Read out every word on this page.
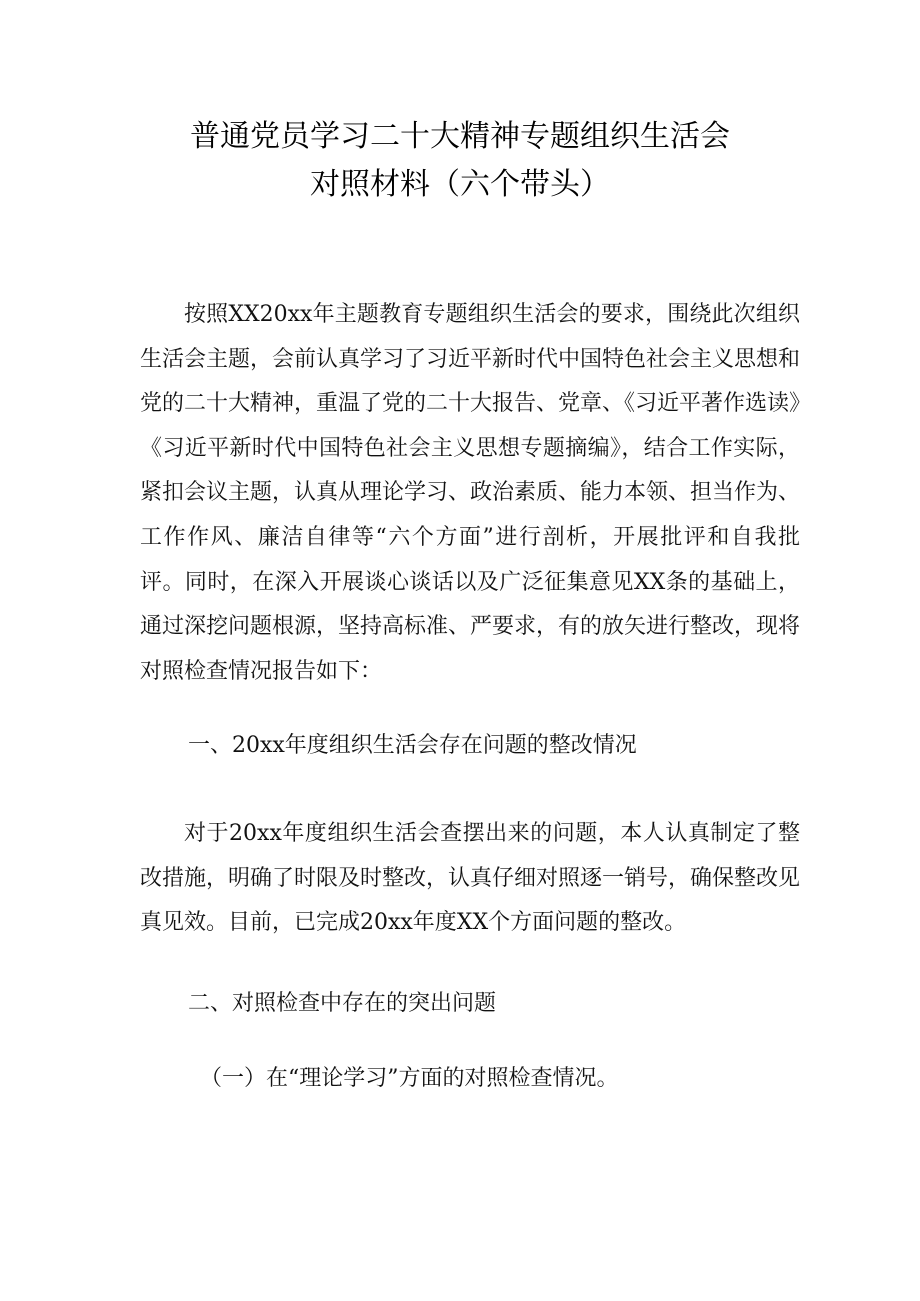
普通党员学习二十大精神专题组织生活会
对照材料（六个带头）

按照XX20xx年主题教育专题组织生活会的要求，围绕此次组织生活会主题，会前认真学习了习近平新时代中国特色社会主义思想和党的二十大精神，重温了党的二十大报告、党章、《习近平著作选读》《习近平新时代中国特色社会主义思想专题摘编》，结合工作实际，紧扣会议主题，认真从理论学习、政治素质、能力本领、担当作为、工作作风、廉洁自律等“六个方面”进行剖析，开展批评和自我批评。同时，在深入开展谈心谈话以及广泛征集意见XX条的基础上，通过深挖问题根源，坚持高标准、严要求，有的放矢进行整改，现将对照检查情况报告如下：

一、20xx年度组织生活会存在问题的整改情况

对于20xx年度组织生活会查摆出来的问题，本人认真制定了整改措施，明确了时限及时整改，认真仔细对照逐一销号，确保整改见真见效。目前，已完成20xx年度XX个方面问题的整改。

二、对照检查中存在的突出问题

（一）在“理论学习”方面的对照检查情况。
